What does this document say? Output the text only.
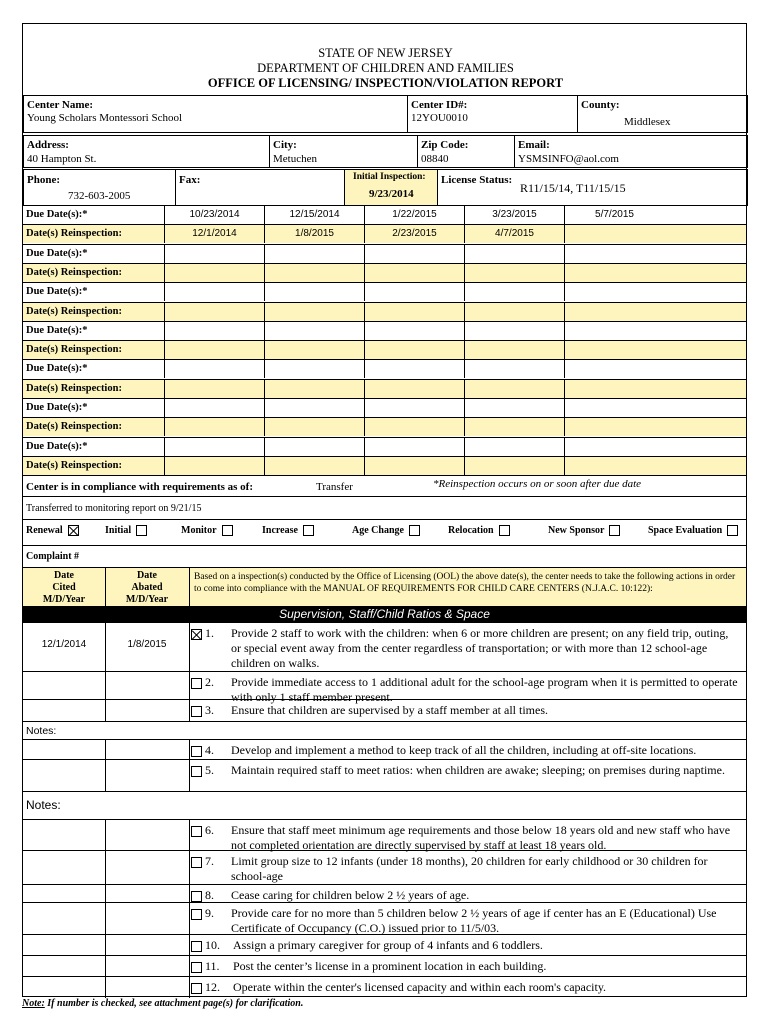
STATE OF NEW JERSEY
DEPARTMENT OF CHILDREN AND FAMILIES
OFFICE OF LICENSING/ INSPECTION/VIOLATION REPORT
Center Name:
Young Scholars Montessori School
Center ID#:
12YOU0010
County:
Middlesex
Address:
40 Hampton St.
City:
Metuchen
Zip Code:
08840
Email:
YSMSINFO@aol.com
Phone:
732-603-2005
Fax:	Initial Inspection:
9/23/2014
License Status:
R11/15/14, T11/15/15
Due Date(s):*	10/23/2014	12/15/2014	1/22/2015	3/23/2015	5/7/2015
Date(s) Reinspection:	12/1/2014	1/8/2015	2/23/2015	4/7/2015
Due Date(s):*
Date(s) Reinspection:
Due Date(s):*
Date(s) Reinspection:
Due Date(s):*
Date(s) Reinspection:
Due Date(s):*
Date(s) Reinspection:
Due Date(s):*
Date(s) Reinspection:
Due Date(s):*
Date(s) Reinspection:
Center is in compliance with requirements as of:	Transfer	*Reinspection occurs on or soon after due date
Transferred to monitoring report on 9/21/15
Renewal	Initial	Monitor	Increase	Age Change	Relocation	New Sponsor	Space Evaluation
Complaint #
Date
Cited
M/D/Year
Date
Abated
M/D/Year
Based on a inspection(s) conducted by the Office of Licensing (OOL) the above date(s), the center needs to take the following actions in order to come into compliance with the MANUAL OF REQUIREMENTS FOR CHILD CARE CENTERS (N.J.A.C. 10:122):
Supervision, Staff/Child Ratios & Space
12/1/2014	1/8/2015
1. Provide 2 staff to work with the children: when 6 or more children are present; on any field trip, outing, or special event away from the center regardless of transportation; or with more than 12 school-age children on walks.
2. Provide immediate access to 1 additional adult for the school-age program when it is permitted to operate with only 1 staff member present.
3. Ensure that children are supervised by a staff member at all times.
Notes:
4. Develop and implement a method to keep track of all the children, including at off-site locations.
5. Maintain required staff to meet ratios: when children are awake; sleeping; on premises during naptime.
Notes:
6. Ensure that staff meet minimum age requirements and those below 18 years old and new staff who have not completed orientation are directly supervised by staff at least 18 years old.
7. Limit group size to 12 infants (under 18 months), 20 children for early childhood or 30 children for school-age
8. Cease caring for children below 2 ½ years of age.
9. Provide care for no more than 5 children below 2 ½ years of age if center has an E (Educational) Use Certificate of Occupancy (C.O.) issued prior to 11/5/03.
10. Assign a primary caregiver for group of 4 infants and 6 toddlers.
11. Post the center’s license in a prominent location in each building.
12. Operate within the center's licensed capacity and within each room's capacity.
Note: If number is checked, see attachment page(s) for clarification.
